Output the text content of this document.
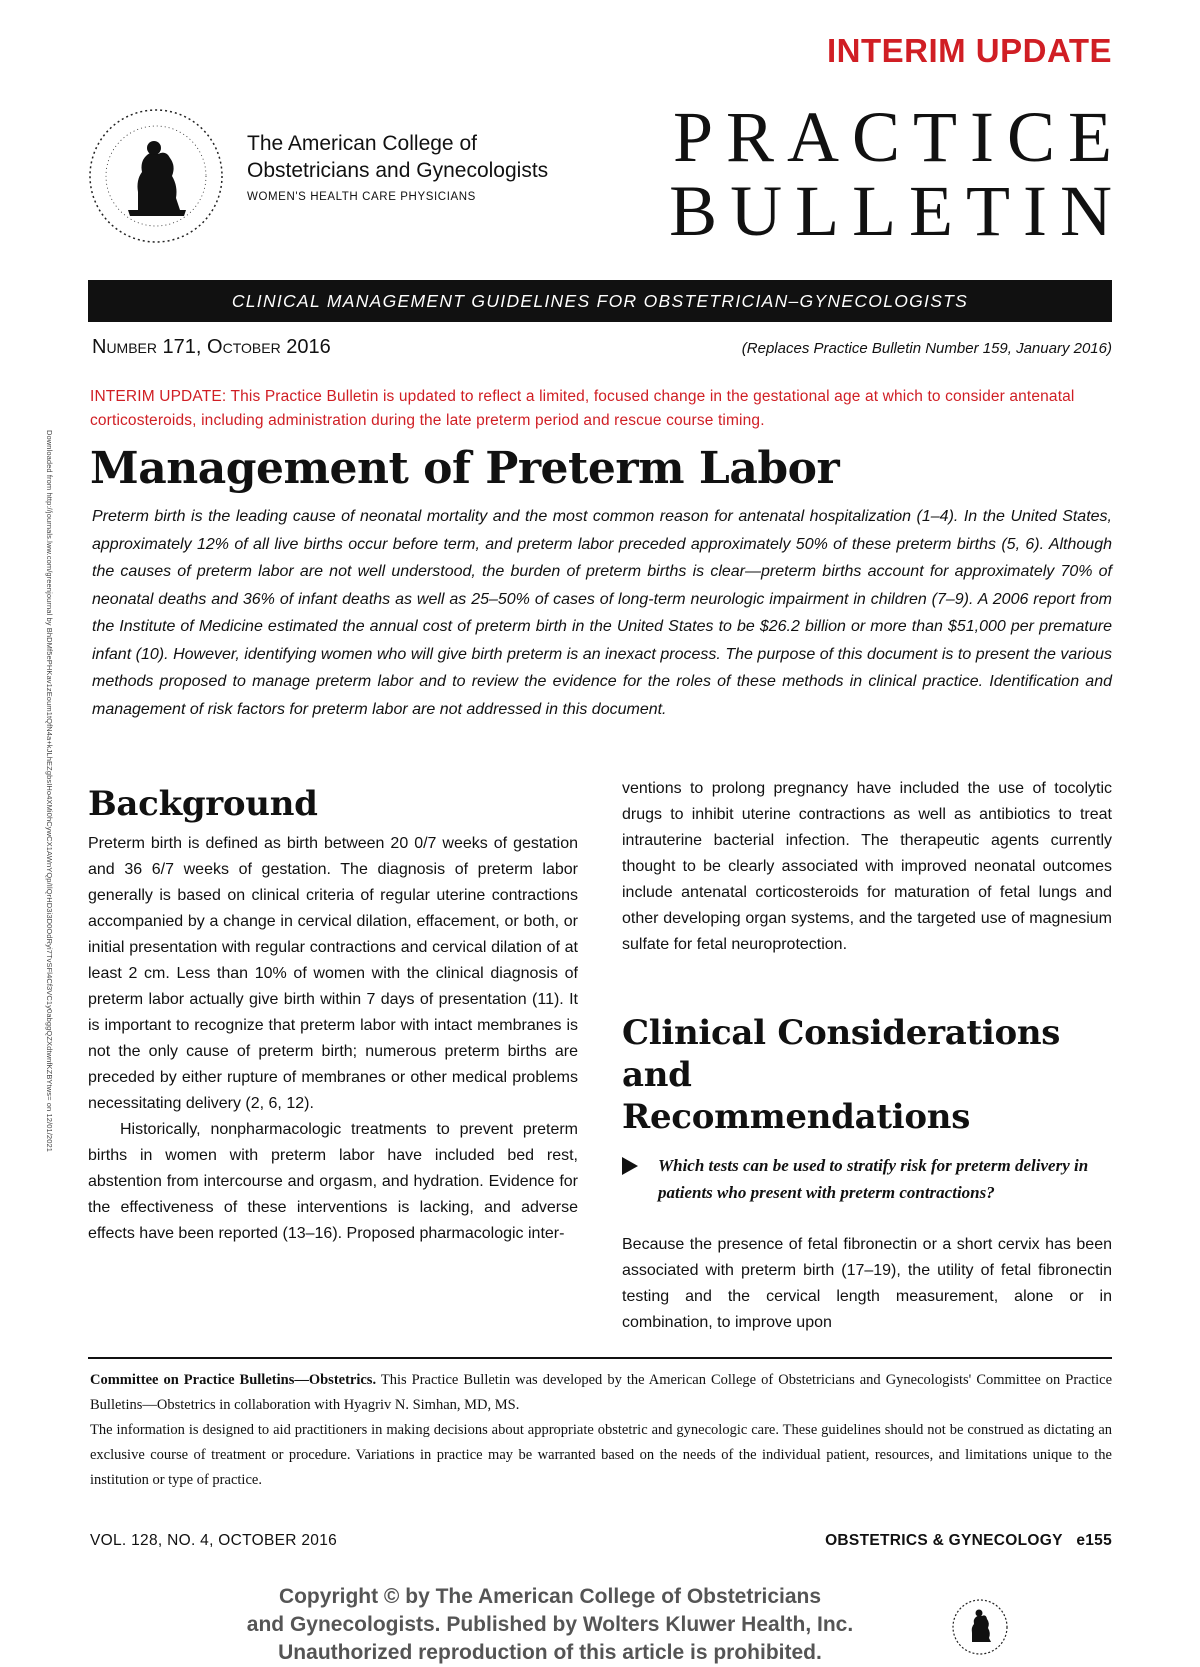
INTERIM UPDATE
The American College of
Obstetricians and Gynecologists
WOMEN'S HEALTH CARE PHYSICIANS
PRACTICE
BULLETIN
CLINICAL MANAGEMENT GUIDELINES FOR OBSTETRICIAN–GYNECOLOGISTS
Number 171, October 2016	(Replaces Practice Bulletin Number 159, January 2016)
INTERIM UPDATE: This Practice Bulletin is updated to reflect a limited, focused change in the gestational age at which to consider antenatal corticosteroids, including administration during the late preterm period and rescue course timing.
Management of Preterm Labor
Preterm birth is the leading cause of neonatal mortality and the most common reason for antenatal hospitalization (1–4). In the United States, approximately 12% of all live births occur before term, and preterm labor preceded approximately 50% of these preterm births (5, 6). Although the causes of preterm labor are not well understood, the burden of preterm births is clear—preterm births account for approximately 70% of neonatal deaths and 36% of infant deaths as well as 25–50% of cases of long-term neurologic impairment in children (7–9). A 2006 report from the Institute of Medicine estimated the annual cost of preterm birth in the United States to be $26.2 billion or more than $51,000 per premature infant (10). However, identifying women who will give birth preterm is an inexact process. The purpose of this document is to present the various methods proposed to manage preterm labor and to review the evidence for the roles of these methods in clinical practice. Identification and management of risk factors for preterm labor are not addressed in this document.
Background

Preterm birth is defined as birth between 20 0/7 weeks of gestation and 36 6/7 weeks of gestation. The diagnosis of preterm labor generally is based on clinical criteria of regular uterine contractions accompanied by a change in cervical dilation, effacement, or both, or initial presentation with regular contractions and cervical dilation of at least 2 cm. Less than 10% of women with the clinical diagnosis of preterm labor actually give birth within 7 days of presentation (11). It is important to recognize that preterm labor with intact membranes is not the only cause of preterm birth; numerous preterm births are preceded by either rupture of membranes or other medical problems necessitating delivery (2, 6, 12).

Historically, nonpharmacologic treatments to prevent preterm births in women with preterm labor have included bed rest, abstention from intercourse and orgasm, and hydration. Evidence for the effectiveness of these interventions is lacking, and adverse effects have been reported (13–16). Proposed pharmacologic inter-

ventions to prolong pregnancy have included the use of tocolytic drugs to inhibit uterine contractions as well as antibiotics to treat intrauterine bacterial infection. The therapeutic agents currently thought to be clearly associated with improved neonatal outcomes include antenatal corticosteroids for maturation of fetal lungs and other developing organ systems, and the targeted use of magnesium sulfate for fetal neuroprotection.
Clinical Considerations and
Recommendations
Which tests can be used to stratify risk for preterm delivery in patients who present with preterm contractions?
Because the presence of fetal fibronectin or a short cervix has been associated with preterm birth (17–19), the utility of fetal fibronectin testing and the cervical length measurement, alone or in combination, to improve upon

Committee on Practice Bulletins—Obstetrics. This Practice Bulletin was developed by the American College of Obstetricians and Gynecologists' Committee on Practice Bulletins—Obstetrics in collaboration with Hyagriv N. Simhan, MD, MS.

The information is designed to aid practitioners in making decisions about appropriate obstetric and gynecologic care. These guidelines should not be construed as dictating an exclusive course of treatment or procedure. Variations in practice may be warranted based on the needs of the individual patient, resources, and limitations unique to the institution or type of practice.

VOL. 128, NO. 4, OCTOBER 2016	OBSTETRICS & GYNECOLOGY   e155
Copyright © by The American College of Obstetricians
and Gynecologists. Published by Wolters Kluwer Health, Inc.
Unauthorized reproduction of this article is prohibited.
Downloaded from http://journals.lww.com/greenjournal by BhDMf5ePHKav1zEoum1tQfN4a+kJLhEZgbsIHo4XMi0hCywCX1AWnYQp/IlQrHD3i3D0OdRyi7TvSFl4Cf3VC1y0abggQZXdtwnfKZBYtws= on 12/01/2021
